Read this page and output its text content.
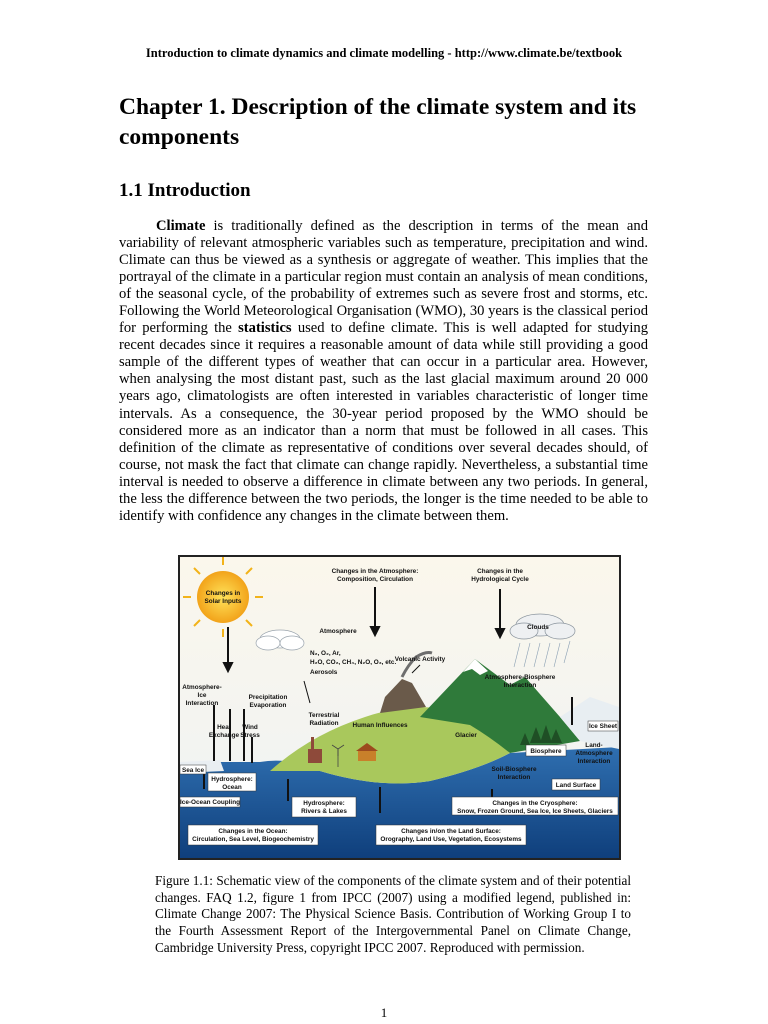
Introduction to climate dynamics and climate modelling - http://www.climate.be/textbook
Chapter 1. Description of the climate system and its components
1.1 Introduction

Climate is traditionally defined as the description in terms of the mean and variability of relevant atmospheric variables such as temperature, precipitation and wind. Climate can thus be viewed as a synthesis or aggregate of weather. This implies that the portrayal of the climate in a particular region must contain an analysis of mean conditions, of the seasonal cycle, of the probability of extremes such as severe frost and storms, etc. Following the World Meteorological Organisation (WMO), 30 years is the classical period for performing the statistics used to define climate. This is well adapted for studying recent decades since it requires a reasonable amount of data while still providing a good sample of the different types of weather that can occur in a particular area. However, when analysing the most distant past, such as the last glacial maximum around 20 000 years ago, climatologists are often interested in variables characteristic of longer time intervals. As a consequence, the 30-year period proposed by the WMO should be considered more as an indicator than a norm that must be followed in all cases. This definition of the climate as representative of conditions over several decades should, of course, not mask the fact that climate can change rapidly. Nevertheless, a substantial time interval is needed to observe a difference in climate between any two periods. In general, the less the difference between the two periods, the longer is the time needed to be able to identify with confidence any changes in the climate between them.

Changes in
Solar Inputs
Clouds
Changes in the Atmosphere:
Composition, Circulation
Changes in the
Hydrological Cycle
Atmosphere
N₂, O₂, Ar,
H₂O, CO₂, CH₄, N₂O, O₃, etc.
Aerosols
Volcanic Activity
Atmosphere-Biosphere
Interaction
Atmosphere-
Ice
Interaction
Precipitation
Evaporation
Heat
Exchange
Wind
Stress
Terrestrial
Radiation Human Influences
Glacier
Ice Sheet
Biosphere
Land-
Atmosphere
Interaction
Sea Ice
Hydrosphere:
Ocean
Soil-Biosphere
Interaction
Land Surface
Ice-Ocean Coupling	Hydrosphere:
Rivers & Lakes
Changes in the Cryosphere:
Snow, Frozen Ground, Sea Ice, Ice Sheets, Glaciers
Changes in the Ocean:
Circulation, Sea Level, Biogeochemistry
Changes in/on the Land Surface:
Orography, Land Use, Vegetation, Ecosystems

Figure 1.1: Schematic view of the components of the climate system and of their potential changes. FAQ 1.2, figure 1 from IPCC (2007) using a modified legend, published in: Climate Change 2007: The Physical Science Basis. Contribution of Working Group I to the Fourth Assessment Report of the Intergovernmental Panel on Climate Change, Cambridge University Press, copyright IPCC 2007. Reproduced with permission.

1
